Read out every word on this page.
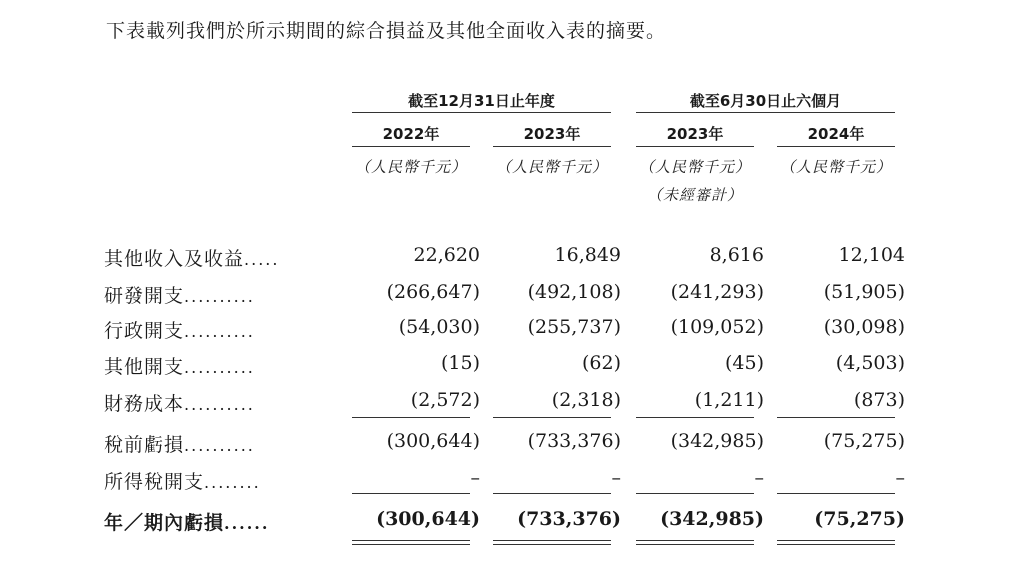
下表載列我們於所示期間的綜合損益及其他全面收入表的摘要。
截至12月31日止年度	截至6月30日止六個月
2022年	2023年	2023年	2024年
（人民幣千元）	（人民幣千元）	（人民幣千元）	（人民幣千元）
（未經審計）
其他收入及收益.....	22,620	16,849	8,616	12,104
研發開支..........	(266,647)	(492,108)	(241,293)	(51,905)
行政開支..........	(54,030)	(255,737)	(109,052)	(30,098)
其他開支..........	(15)	(62)	(45)	(4,503)
財務成本..........	(2,572)	(2,318)	(1,211)	(873)
稅前虧損..........	(300,644)	(733,376)	(342,985)	(75,275)
所得稅開支........	–	–	–	–
年／期內虧損......	(300,644)	(733,376)	(342,985)	(75,275)
